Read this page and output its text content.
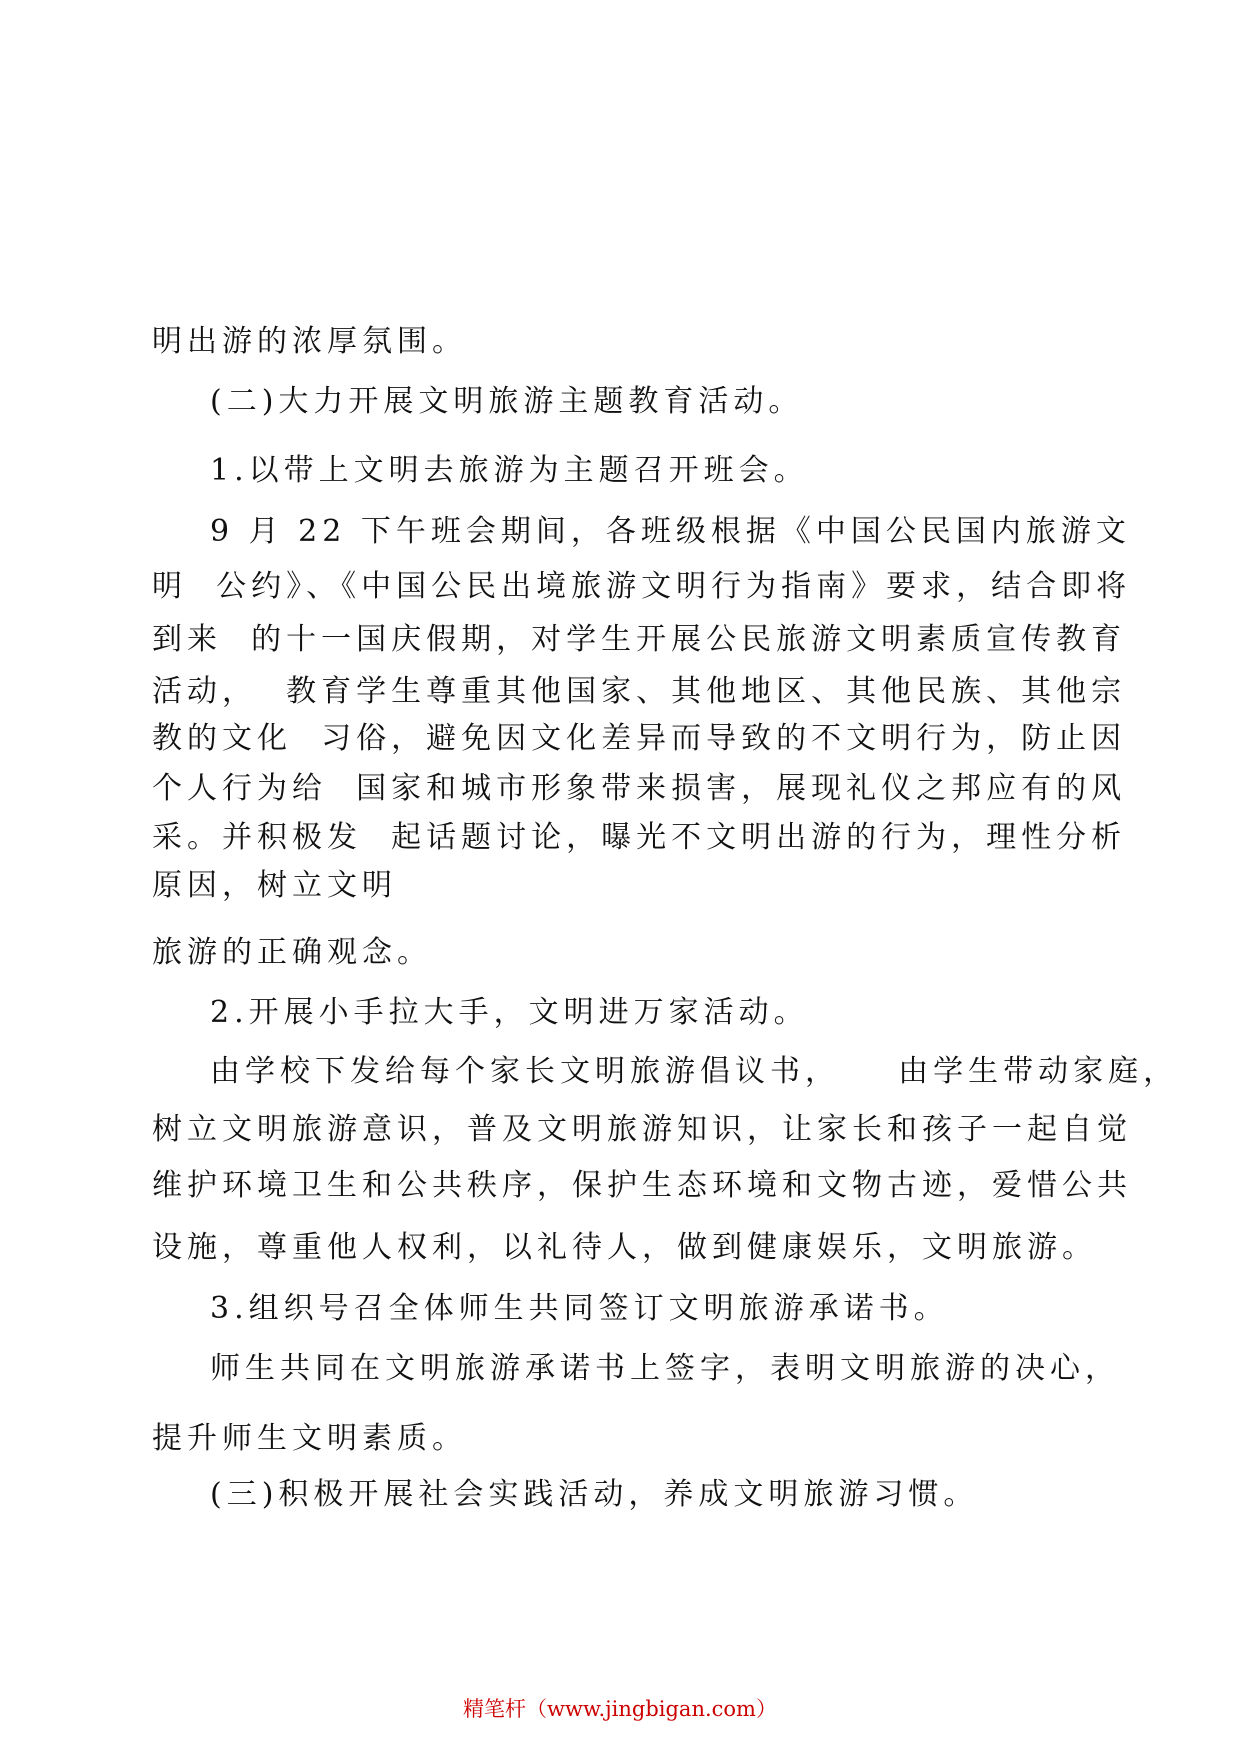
明出游的浓厚氛围。
(二)大力开展文明旅游主题教育活动。
1.以带上文明去旅游为主题召开班会。
9 月 22 下午班会期间，各班级根据《中国公民国内旅游文
明  公约》、《中国公民出境旅游文明行为指南》要求，结合即将
到来  的十一国庆假期，对学生开展公民旅游文明素质宣传教育
活动，  教育学生尊重其他国家、其他地区、其他民族、其他宗
教的文化  习俗，避免因文化差异而导致的不文明行为，防止因
个人行为给  国家和城市形象带来损害，展现礼仪之邦应有的风
采。并积极发  起话题讨论，曝光不文明出游的行为，理性分析
原因，树立文明
旅游的正确观念。
2.开展小手拉大手，文明进万家活动。
由学校下发给每个家长文明旅游倡议书，    由学生带动家庭，
树立文明旅游意识，普及文明旅游知识，让家长和孩子一起自觉
维护环境卫生和公共秩序，保护生态环境和文物古迹，爱惜公共
设施，尊重他人权利，以礼待人，做到健康娱乐，文明旅游。
3.组织号召全体师生共同签订文明旅游承诺书。
师生共同在文明旅游承诺书上签字，表明文明旅游的决心，
提升师生文明素质。
(三)积极开展社会实践活动，养成文明旅游习惯。
精笔杆（www.jingbigan.com）
